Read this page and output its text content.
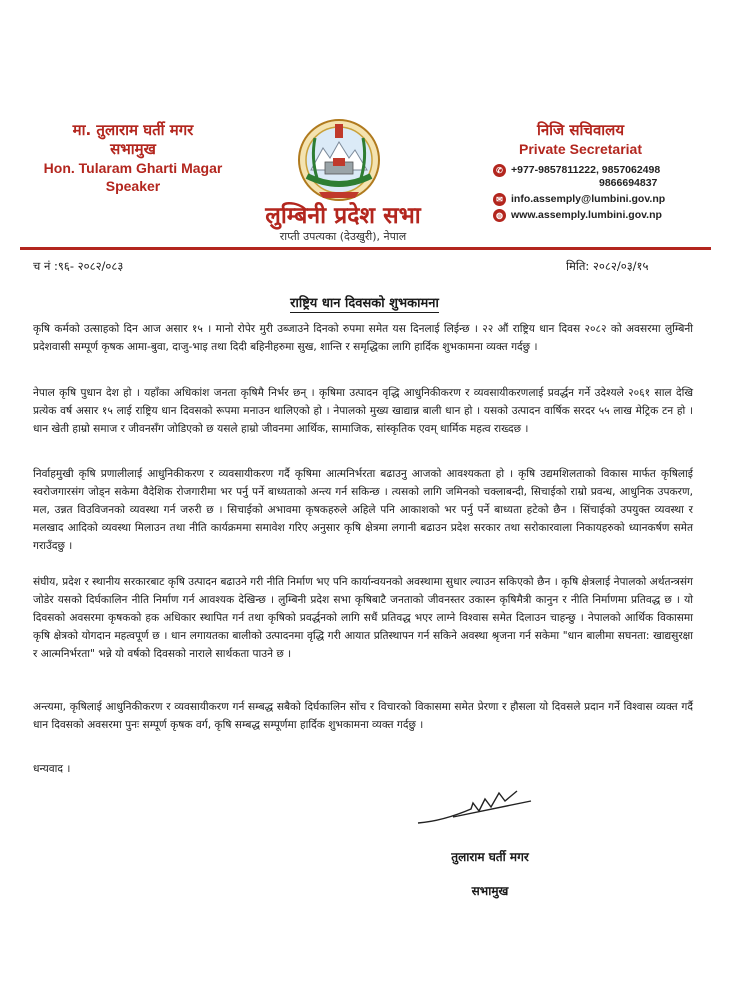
मा. तुलाराम घर्ती मगर
सभामुख
Hon. Tularam Gharti Magar
Speaker
लुम्बिनी प्रदेश सभा
राप्ती उपत्यका (देउखुरी), नेपाल
निजि सचिवालय
Private Secretariat
✆ +977-9857811222, 9857062498
9866694837
✉ info.assemply@lumbini.gov.np
◍ www.assemply.lumbini.gov.np
च नं :९६- २०८२/०८३	मिति: २०८२/०३/१५
राष्ट्रिय धान दिवसको शुभकामना
कृषि कर्मको उत्साहको दिन आज असार १५ । मानो रोपेर मुरी उब्जाउने दिनको रुपमा समेत यस दिनलाई लिईन्छ । २२ औं राष्ट्रिय धान दिवस २०८२ को अवसरमा लुम्बिनी प्रदेशवासी सम्पूर्ण कृषक आमा-बुवा, दाजु-भाइ तथा दिदी बहिनीहरुमा सुख, शान्ति र समृद्धिका लागि हार्दिक शुभकामना व्यक्त गर्दछु ।
नेपाल कृषि पुधान देश हो । यहाँका अधिकांश जनता कृषिमै निर्भर छन् । कृषिमा उत्पादन वृद्धि आधुनिकीकरण र व्यवसायीकरणलाई प्रवर्द्धन गर्ने उदेश्यले २०६१ साल देखि प्रत्येक वर्ष असार १५ लाई राष्ट्रिय धान दिवसको रूपमा मनाउन थालिएको हो । नेपालको मुख्य खाद्यान्न बाली धान हो । यसको उत्पादन वार्षिक सरदर ५५ लाख मेट्रिक टन हो । धान खेती हाम्रो समाज र जीवनसँग जोडिएको छ यसले हाम्रो जीवनमा आर्थिक, सामाजिक, सांस्कृतिक एवम् धार्मिक महत्व राख्दछ ।
निर्वाहमुखी कृषि प्रणालीलाई आधुनिकीकरण र व्यवसायीकरण गर्दै कृषिमा आत्मनिर्भरता बढाउनु आजको आवश्यकता हो । कृषि उद्यमशिलताको विकास मार्फत कृषिलाई स्वरोजगारसंग जोड्न सकेमा वैदेशिक रोजगारीमा भर पर्नु पर्ने बाध्यताको अन्त्य गर्न सकिन्छ । त्यसको लागि जमिनको चक्लाबन्दी, सिचाईको राम्रो प्रवन्ध, आधुनिक उपकरण, मल, उन्नत विउविजनको व्यवस्था गर्न जरुरी छ । सिचाईको अभावमा कृषकहरुले अहिले पनि आकाशको भर पर्नु पर्ने बाध्यता हटेको छैन । सिंचाईको उपयुक्त व्यवस्था र मलखाद आदिको व्यवस्था मिलाउन तथा नीति कार्यक्रममा समावेश गरिए अनुसार कृषि क्षेत्रमा लगानी बढाउन प्रदेश सरकार तथा सरोकारवाला निकायहरुको ध्यानकर्षण समेत गराउँदछु ।
संघीय, प्रदेश र स्थानीय सरकारबाट कृषि उत्पादन बढाउने गरी नीति निर्माण भए पनि कार्यान्वयनको अवस्थामा सुधार ल्याउन सकिएको छैन । कृषि क्षेत्रलाई नेपालको अर्थतन्त्रसंग जोडेर यसको दिर्घकालिन नीति निर्माण गर्न आवश्यक देखिन्छ । लुम्बिनी प्रदेश सभा कृषिबाटै जनताको जीवनस्तर उकास्न कृषिमैत्री कानुन र नीति निर्माणमा प्रतिवद्ध छ । यो दिवसको अवसरमा कृषकको हक अधिकार स्थापित गर्न तथा कृषिको प्रवर्द्धनको लागि सधैं प्रतिवद्ध भएर लाग्ने विश्वास समेत दिलाउन चाहन्छु । नेपालको आर्थिक विकासमा कृषि क्षेत्रको योगदान महत्वपूर्ण छ । धान लगायतका बालीको उत्पादनमा वृद्धि गरी आयात प्रतिस्थापन गर्न सकिने अवस्था श्रृजना गर्न सकेमा "धान बालीमा सघनता: खाद्यसुरक्षा र आत्मनिर्भरता" भन्ने यो वर्षको दिवसको नाराले सार्थकता पाउने छ ।
अन्त्यमा, कृषिलाई आधुनिकीकरण र व्यवसायीकरण गर्न सम्बद्ध सबैको दिर्घकालिन सोंच र विचारको विकासमा समेत प्रेरणा र हौसला यो दिवसले प्रदान गर्ने विश्वास व्यक्त गर्दै धान दिवसको अवसरमा पुनः सम्पूर्ण कृषक वर्ग, कृषि सम्बद्ध सम्पूर्णमा हार्दिक शुभकामना व्यक्त गर्दछु ।
धन्यवाद ।
तुलाराम घर्ती मगर
सभामुख
